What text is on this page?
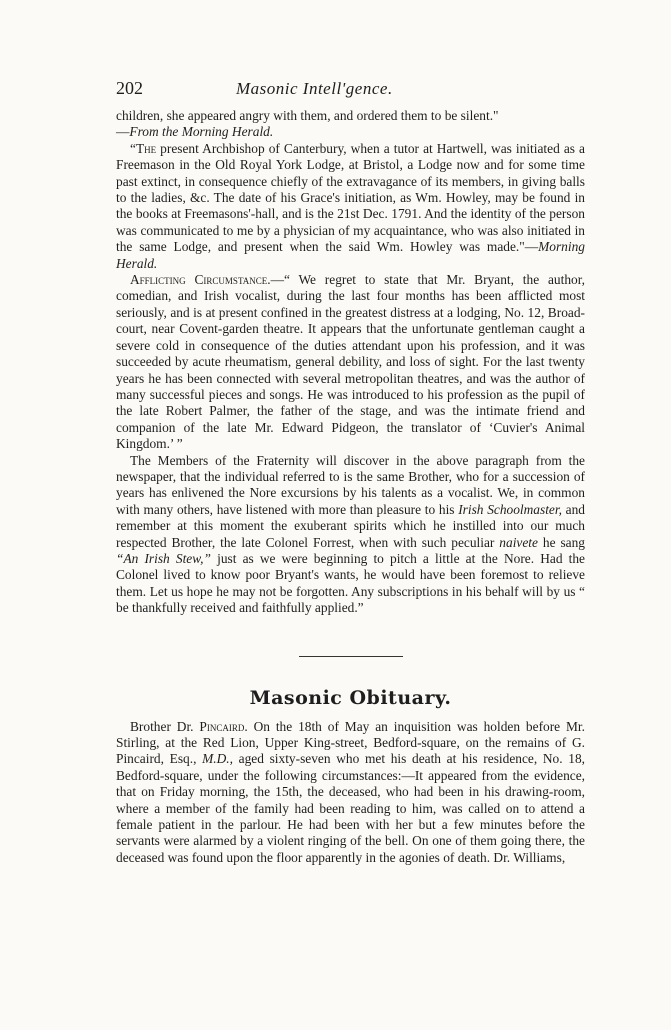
202	Masonic Intell'gence.

children, she appeared angry with them, and ordered them to be silent."
—From the Morning Herald.

“The present Archbishop of Canterbury, when a tutor at Hartwell, was initiated as a Freemason in the Old Royal York Lodge, at Bristol, a Lodge now and for some time past extinct, in consequence chiefly of the extravagance of its members, in giving balls to the ladies, &c. The date of his Grace's initiation, as Wm. Howley, may be found in the books at Freemasons'-hall, and is the 21st Dec. 1791. And the identity of the person was communicated to me by a physician of my acquaintance, who was also initiated in the same Lodge, and present when the said Wm. Howley was made."—Morning Herald.

Afflicting Circumstance.—“ We regret to state that Mr. Bryant, the author, comedian, and Irish vocalist, during the last four months has been afflicted most seriously, and is at present confined in the greatest distress at a lodging, No. 12, Broad-court, near Covent-garden theatre. It appears that the unfortunate gentleman caught a severe cold in consequence of the duties attendant upon his profession, and it was succeeded by acute rheumatism, general debility, and loss of sight. For the last twenty years he has been connected with several metropolitan theatres, and was the author of many successful pieces and songs. He was introduced to his profession as the pupil of the late Robert Palmer, the father of the stage, and was the intimate friend and companion of the late Mr. Edward Pidgeon, the translator of ‘Cuvier's Animal Kingdom.’ ”

The Members of the Fraternity will discover in the above paragraph from the newspaper, that the individual referred to is the same Brother, who for a succession of years has enlivened the Nore excursions by his talents as a vocalist. We, in common with many others, have listened with more than pleasure to his Irish Schoolmaster, and remember at this moment the exuberant spirits which he instilled into our much respected Brother, the late Colonel Forrest, when with such peculiar naivete he sang “An Irish Stew,” just as we were beginning to pitch a little at the Nore. Had the Colonel lived to know poor Bryant's wants, he would have been foremost to relieve them. Let us hope he may not be forgotten. Any subscriptions in his behalf will by us “ be thankfully received and faithfully applied.”

Masonic Obituary.

Brother Dr. Pincaird. On the 18th of May an inquisition was holden before Mr. Stirling, at the Red Lion, Upper King-street, Bedford-square, on the remains of G. Pincaird, Esq., M.D., aged sixty-seven who met his death at his residence, No. 18, Bedford-square, under the following circumstances:—It appeared from the evidence, that on Friday morning, the 15th, the deceased, who had been in his drawing-room, where a member of the family had been reading to him, was called on to attend a female patient in the parlour. He had been with her but a few minutes before the servants were alarmed by a violent ringing of the bell. On one of them going there, the deceased was found upon the floor apparently in the agonies of death. Dr. Williams,
